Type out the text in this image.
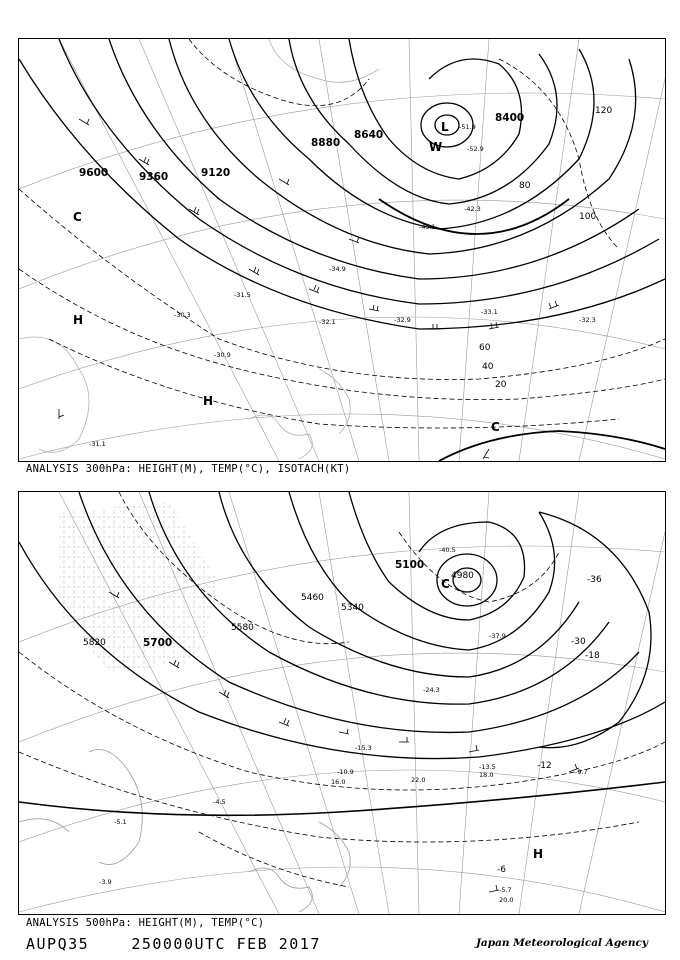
9600	9360	9120
8880
8640
8400
120
100
80
60
40
20
-51.9
-52.9
-49.1
-42.3
-34.9
-33.1
-32.9	-32.3
-31.5
-30.9
-30.3
-32.1
-31.1
L
H
H
C
C
W
ANALYSIS 300hPa: HEIGHT(M), TEMP(°C), ISOTACH(KT)
5700
5580
5460
5340
5100
4980
5820
-36
-30
-18
-12
-6
-40.5
-37.9
-24.3
-15.3
-10.9
-13.5
-9.7
-5.7
-4.5
-5.1
-3.9
22.0
16.0
18.0
20.0
C
H
ANALYSIS 500hPa: HEIGHT(M), TEMP(°C)
AUPQ35	250000UTC FEB 2017	Japan Meteorological Agency
